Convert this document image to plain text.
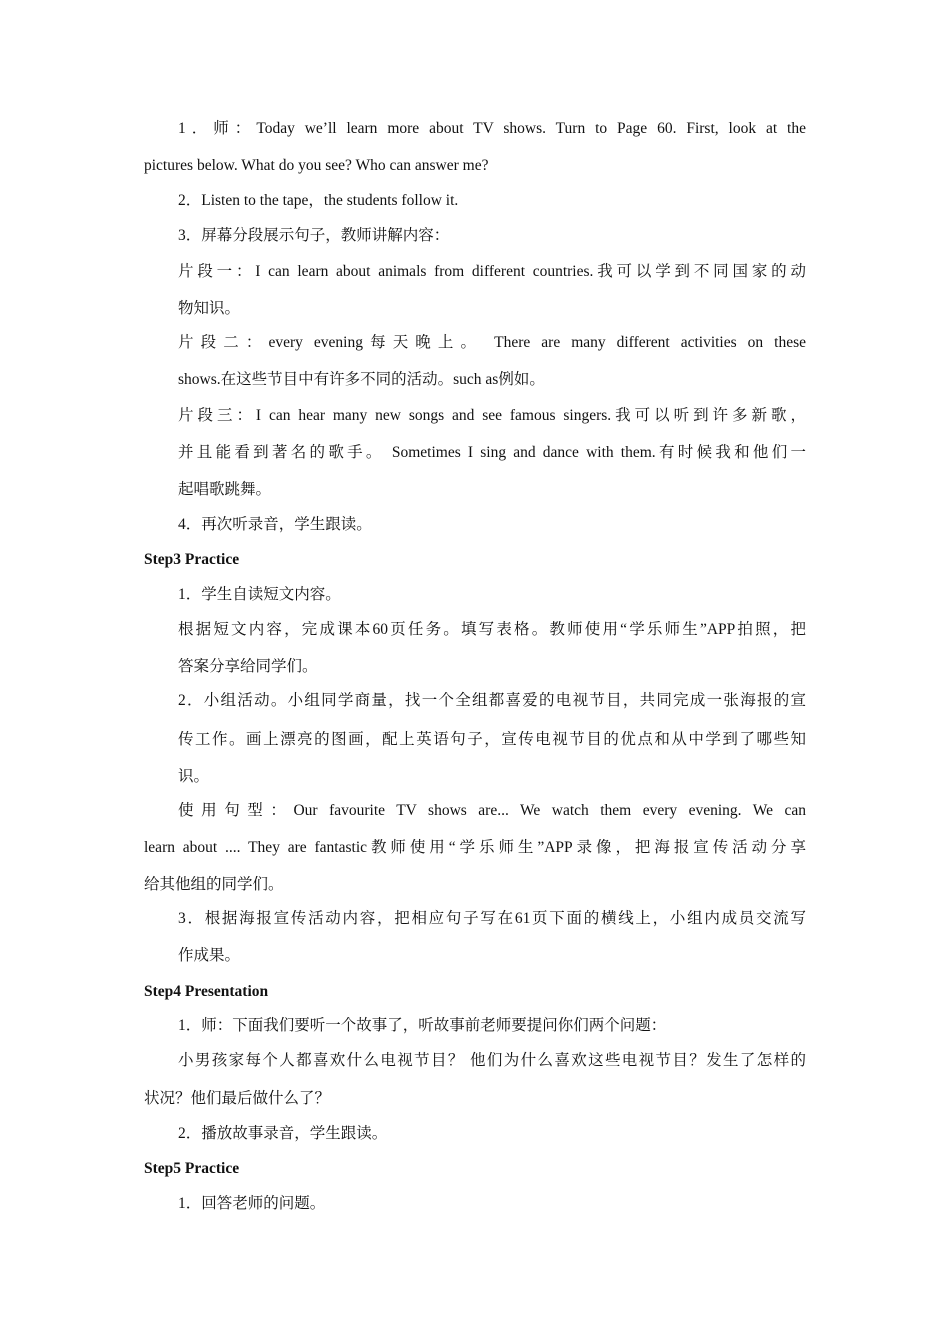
1．师：Today we’ll learn more about TV shows. Turn to Page 60. First, look at the

pictures below. What do you see? Who can answer me?

2．Listen to the tape，the students follow it.

3．屏幕分段展示句子，教师讲解内容：

片段一：I can learn about animals from different countries.我可以学到不同国家的动

物知识。

片段二：every evening每天晚上。 There are many different activities on these

shows.在这些节目中有许多不同的活动。such as例如。

片段三：I can hear many new songs and see famous singers.我可以听到许多新歌，

并且能看到著名的歌手。 Sometimes I sing and dance with them.有时候我和他们一

起唱歌跳舞。

4．再次听录音，学生跟读。

Step3 Practice

1．学生自读短文内容。

根据短文内容，完成课本60页任务。填写表格。教师使用“学乐师生”APP拍照，把

答案分享给同学们。

2．小组活动。小组同学商量，找一个全组都喜爱的电视节目，共同完成一张海报的宣

传工作。画上漂亮的图画，配上英语句子，宣传电视节目的优点和从中学到了哪些知

识。

使用句型：Our favourite TV shows are... We watch them every evening. We can

learn about .... They are fantastic教师使用“学乐师生”APP录像，把海报宣传活动分享

给其他组的同学们。

3．根据海报宣传活动内容，把相应句子写在61页下面的横线上，小组内成员交流写

作成果。

Step4 Presentation

1．师：下面我们要听一个故事了，听故事前老师要提问你们两个问题：

小男孩家每个人都喜欢什么电视节目？ 他们为什么喜欢这些电视节目？发生了怎样的

状况？他们最后做什么了？

2．播放故事录音，学生跟读。

Step5 Practice

1．回答老师的问题。
